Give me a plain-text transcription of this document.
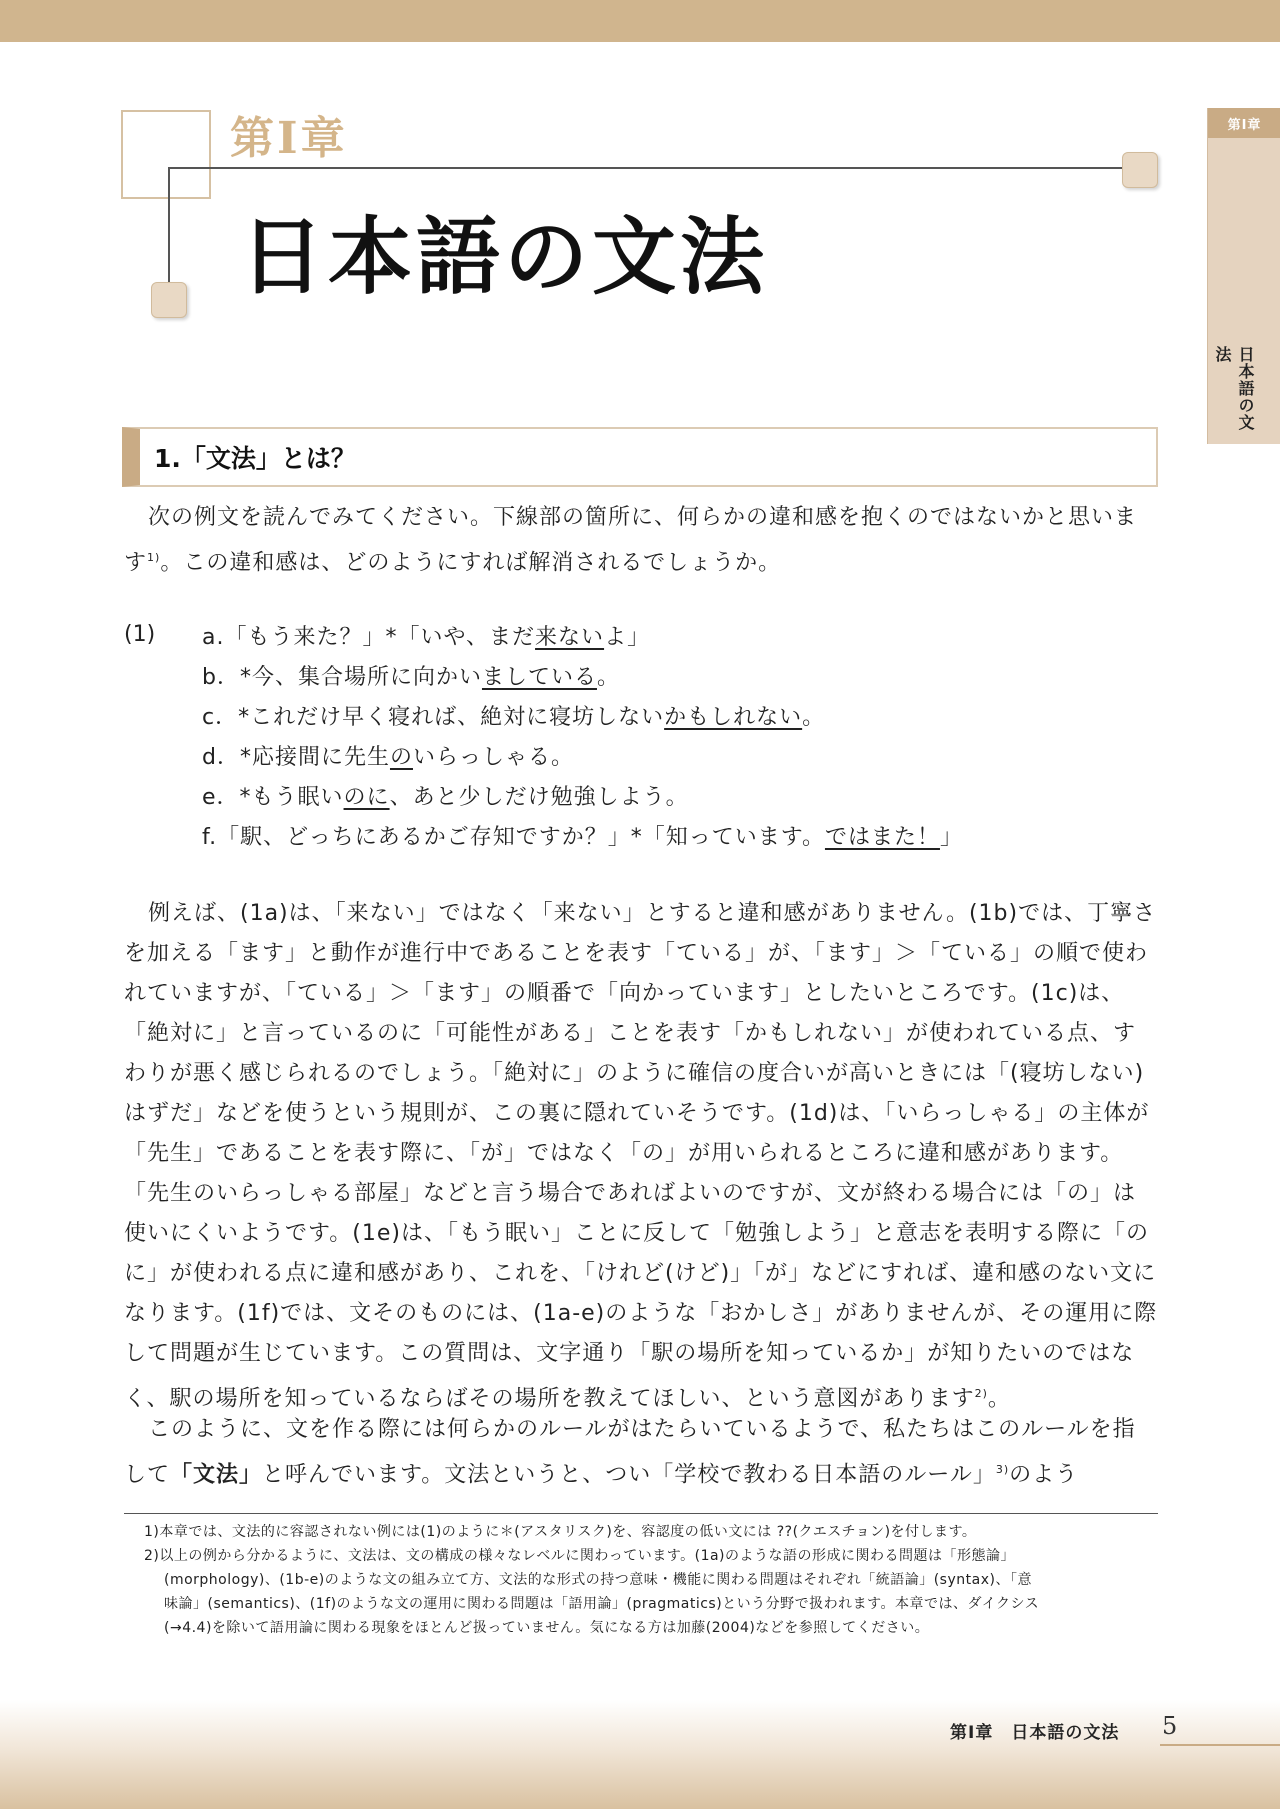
第Ⅰ章
日本語の文法
第Ⅰ章
日本語の文法
1.「文法」とは？

次の例文を読んでみてください。下線部の箇所に、何らかの違和感を抱くのではないかと思います$^{1)}$。この違和感は、どのようにすれば解消されるでしょうか。

(1) a.「もう来た？」*「いや、まだ来ないよ」
b．*今、集合場所に向かいましている。
c．*これだけ早く寝れば、絶対に寝坊しないかもしれない。
d．*応接間に先生のいらっしゃる。
e．*もう眠いのに、あと少しだけ勉強しよう。
f.「駅、どっちにあるかご存知ですか？」*「知っています。ではまた！」

例えば、(1a)は、「来ない」ではなく「来ない」とすると違和感がありません。(1b)では、丁寧さを加える「ます」と動作が進行中であることを表す「ている」が、「ます」＞「ている」の順で使われていますが、「ている」＞「ます」の順番で「向かっています」としたいところです。(1c)は、「絶対に」と言っているのに「可能性がある」ことを表す「かもしれない」が使われている点、すわりが悪く感じられるのでしょう。「絶対に」のように確信の度合いが高いときには「(寝坊しない)はずだ」などを使うという規則が、この裏に隠れていそうです。(1d)は、「いらっしゃる」の主体が「先生」であることを表す際に、「が」ではなく「の」が用いられるところに違和感があります。「先生のいらっしゃる部屋」などと言う場合であればよいのですが、文が終わる場合には「の」は使いにくいようです。(1e)は、「もう眠い」ことに反して「勉強しよう」と意志を表明する際に「のに」が使われる点に違和感があり、これを、「けれど(けど)」「が」などにすれば、違和感のない文になります。(1f)では、文そのものには、(1a-e)のような「おかしさ」がありませんが、その運用に際して問題が生じています。この質問は、文字通り「駅の場所を知っているか」が知りたいのではなく、駅の場所を知っているならばその場所を教えてほしい、という意図があります$^{2)}$。

このように、文を作る際には何らかのルールがはたらいているようで、私たちはこのルールを指して「文法」と呼んでいます。文法というと、つい「学校で教わる日本語のルール」$^{3)}$のよう

1)本章では、文法的に容認されない例には(1)のように＊(アスタリスク)を、容認度の低い文には ??(クエスチョン)を付します。

2)以上の例から分かるように、文法は、文の構成の様々なレベルに関わっています。(1a)のような語の形成に関わる問題は「形態論」

(morphology)、(1b-e)のような文の組み立て方、文法的な形式の持つ意味・機能に関わる問題はそれぞれ「統語論」(syntax)、「意

味論」(semantics)、(1f)のような文の運用に関わる問題は「語用論」(pragmatics)という分野で扱われます。本章では、ダイクシス

(→4.4)を除いて語用論に関わる現象をほとんど扱っていません。気になる方は加藤(2004)などを参照してください。

第Ⅰ章　日本語の文法 5
